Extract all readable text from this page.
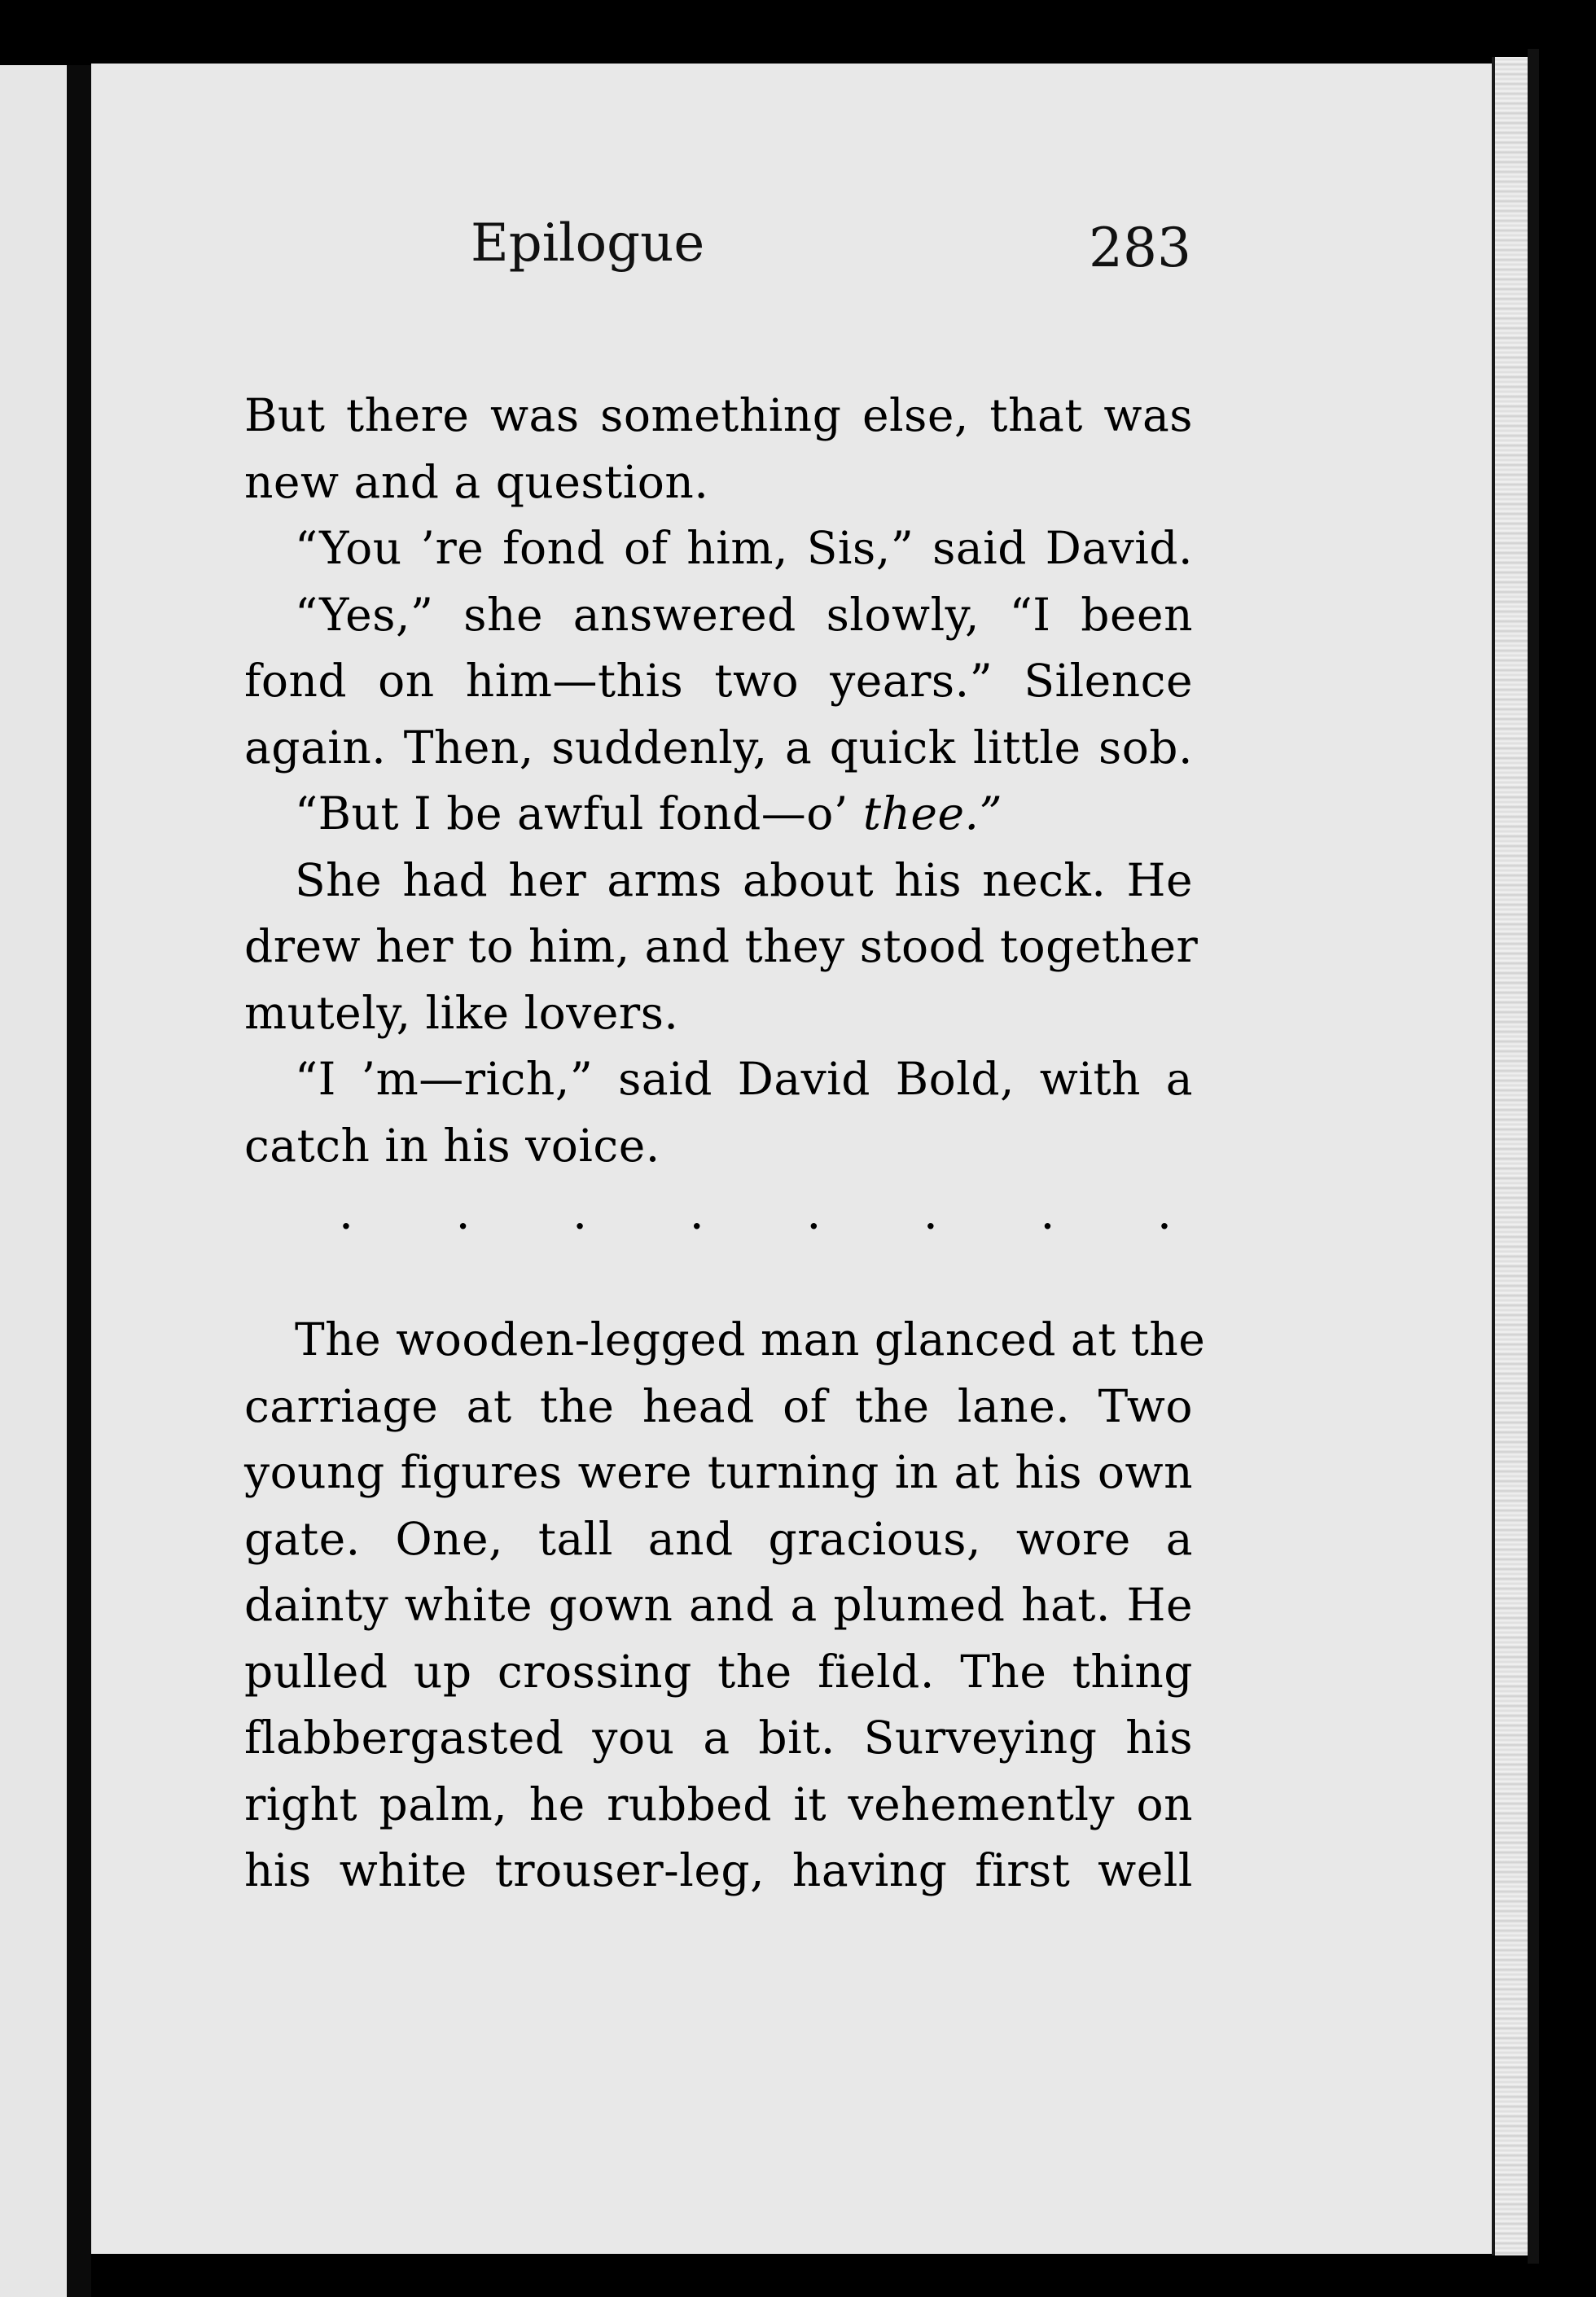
Epilogue	283
But there was something else, that was
new and a question.
“You ’re fond of him, Sis,” said David.
“Yes,” she answered slowly, “I been
fond on him—this two years.” Silence
again. Then, suddenly, a quick little sob.
“But I be awful fond—o’ thee.”
She had her arms about his neck. He
drew her to him, and they stood together
mutely, like lovers.
“I ’m—rich,” said David Bold, with a
catch in his voice.
.	.	.	.	.	.	.	.
The wooden-legged man glanced at the
carriage at the head of the lane. Two
young figures were turning in at his own
gate. One, tall and gracious, wore a
dainty white gown and a plumed hat. He
pulled up crossing the field. The thing
flabbergasted you a bit. Surveying his
right palm, he rubbed it vehemently on
his white trouser-leg, having first well
